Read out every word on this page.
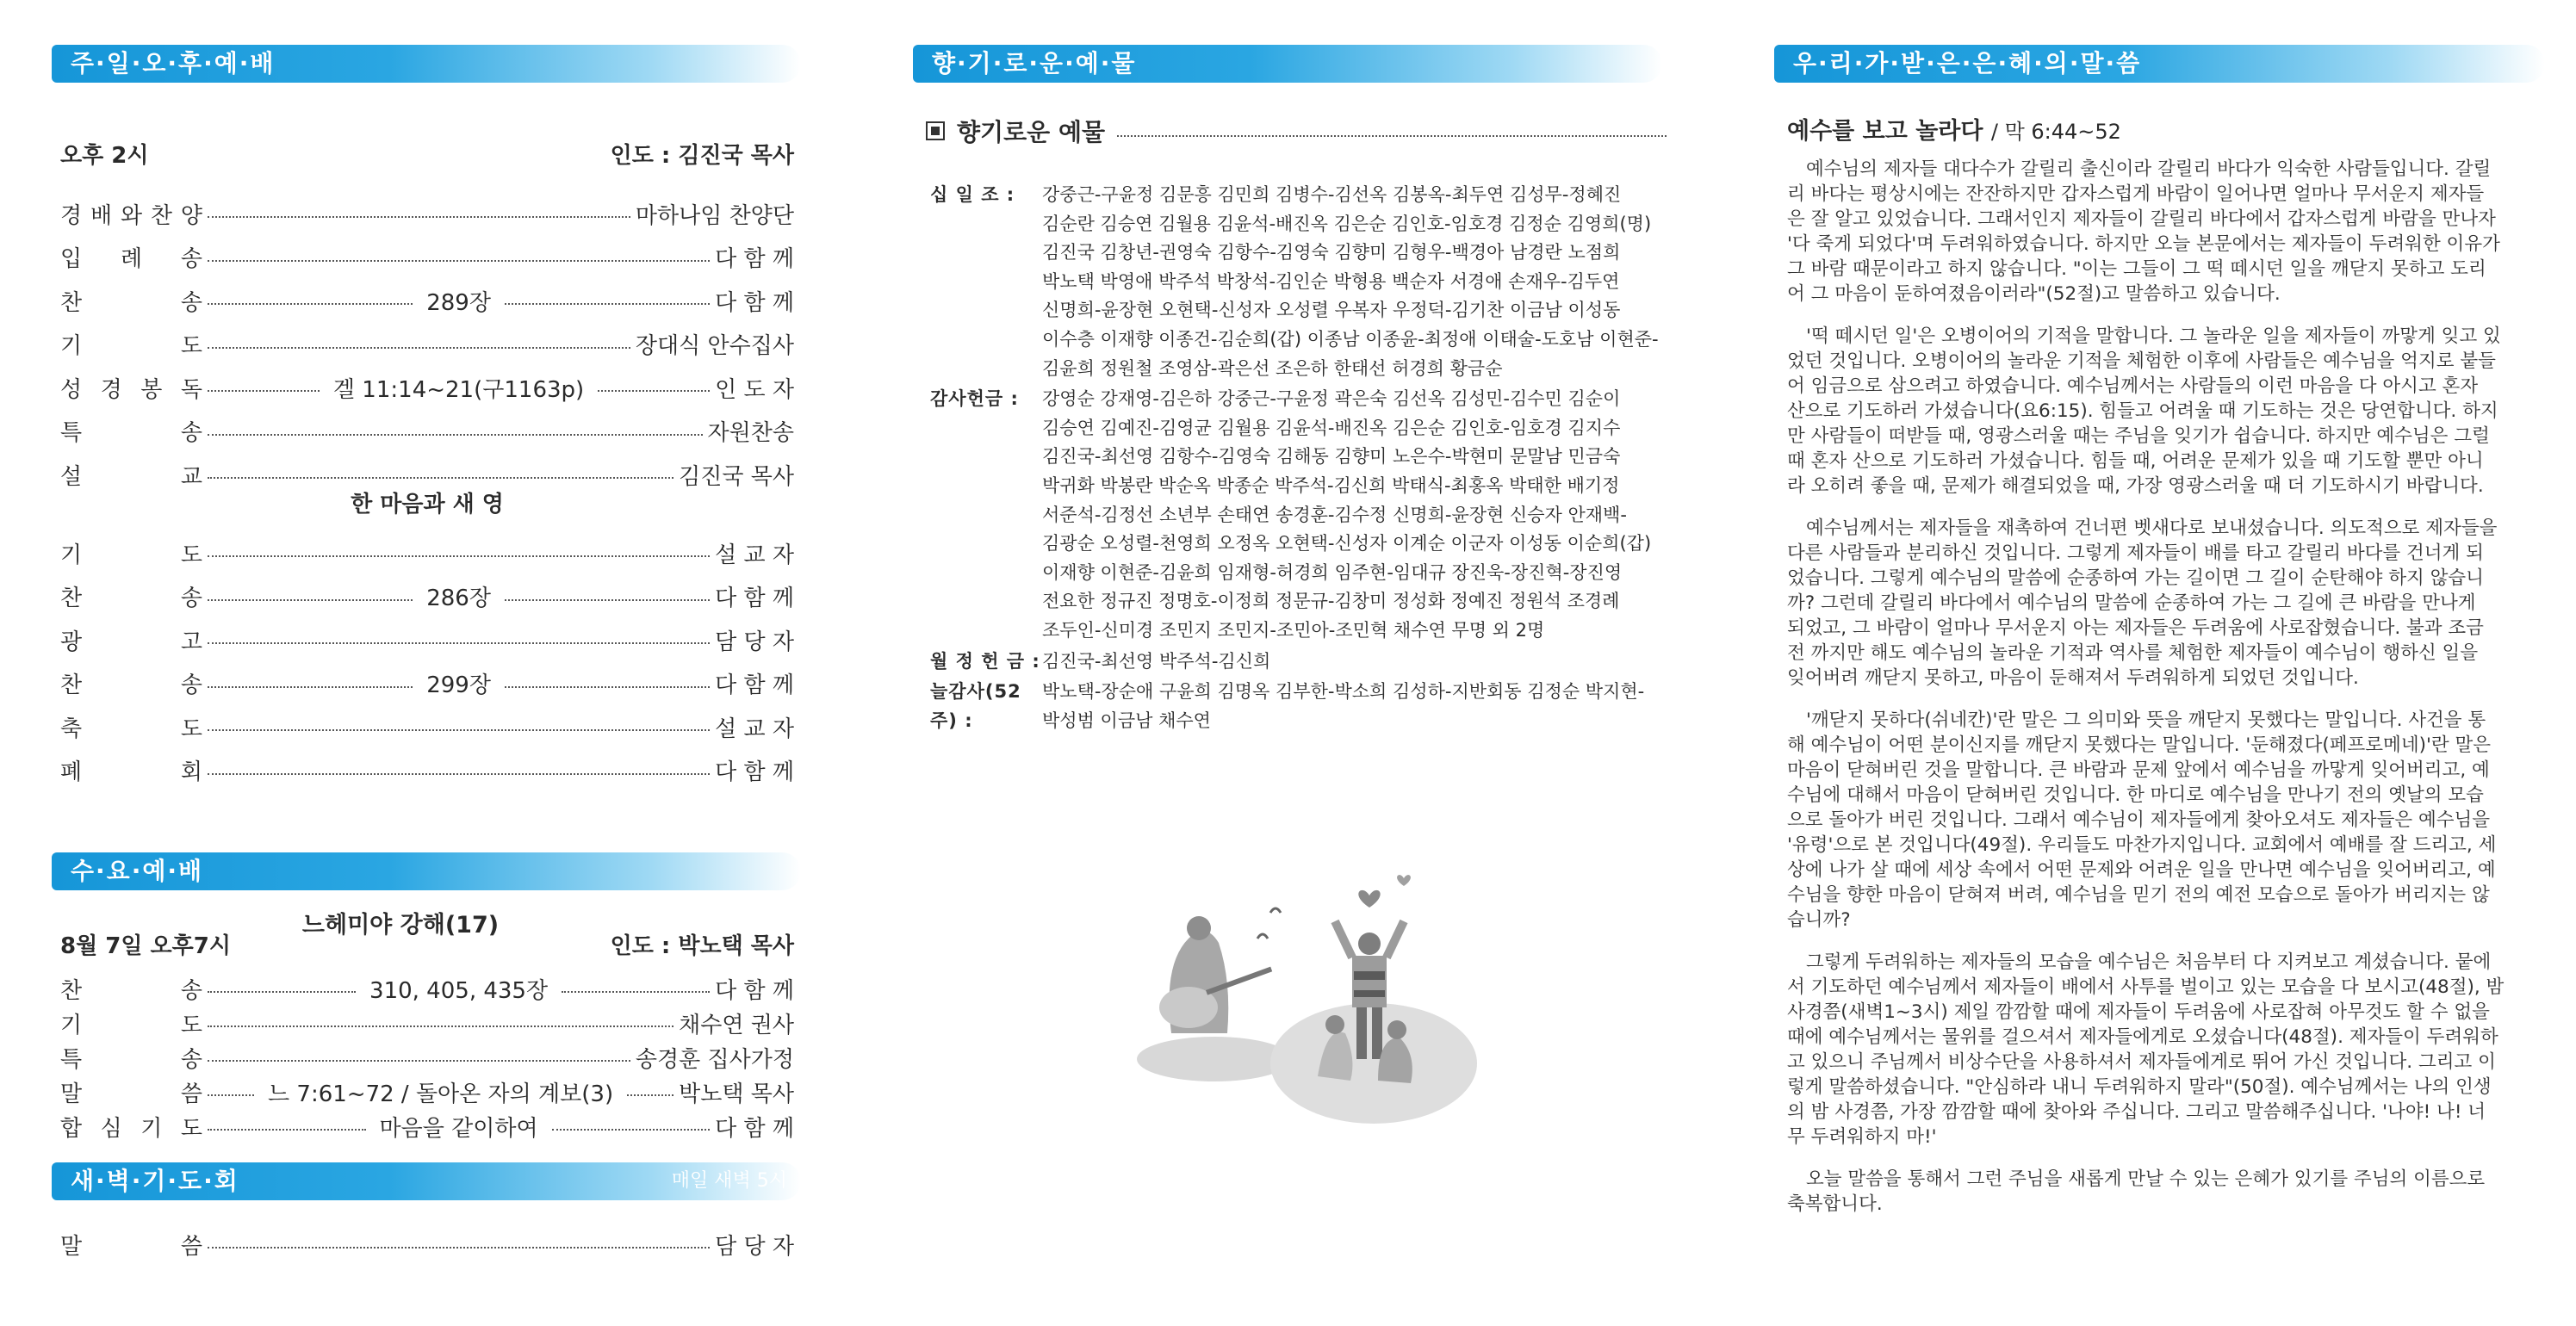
주·일·오·후·예·배
오후 2시	인도 : 김진국 목사
경 배 와 찬 양	마하나임 찬양단
입 례 송	다 함 께
찬	송	289장	다 함 께
기	도	장대식 안수집사
성 경 봉 독	겔 11:14~21(구1163p)	인 도 자
특	송	자원찬송
설	교	김진국 목사
한 마음과 새 영
기	도	설 교 자
찬	송	286장	다 함 께
광	고	담 당 자
찬	송	299장	다 함 께
축	도	설 교 자
폐	회	다 함 께
수·요·예·배
느헤미야 강해(17)
8월 7일 오후7시	인도 : 박노택 목사
찬	송	310, 405, 435장	다 함 께
기	도	채수연 권사
특	송	송경훈 집사가정
말	씀	느 7:61~72 / 돌아온 자의 계보(3)	박노택 목사
합 심 기 도	마음을 같이하여	다 함 께
새·벽·기·도·회	매일 새벽 5시
말	씀	담 당 자
향·기·로·운·예·물
향기로운 예물
십 일 조 :	강중근-구윤정 김문흥 김민희 김병수-김선옥 김봉옥-최두연 김성무-정혜진
김순란 김승연 김월용 김윤석-배진옥 김은순 김인호-임호경 김정순 김영희(명)
김진국 김창년-권영숙 김항수-김영숙 김향미 김형우-백경아 남경란 노점희
박노택 박영애 박주석 박창석-김인순 박형용 백순자 서경애 손재우-김두연
신명희-윤장현 오현택-신성자 오성렬 우복자 우정덕-김기찬 이금남 이성동
이수층 이재향 이종건-김순희(갑) 이종남 이종윤-최정애 이태술-도호남 이현준-
김윤희 정원철 조영삼-곽은선 조은하 한태선 허경희 황금순
감사헌금 :	강영순 강재영-김은하 강중근-구윤정 곽은숙 김선옥 김성민-김수민 김순이
김승연 김예진-김영균 김월용 김윤석-배진옥 김은순 김인호-임호경 김지수
김진국-최선영 김항수-김영숙 김해동 김향미 노은수-박현미 문말남 민금숙
박귀화 박봉란 박순옥 박종순 박주석-김신희 박태식-최홍옥 박태한 배기정
서준석-김정선 소년부 손태연 송경훈-김수정 신명희-윤장현 신승자 안재백-
김광순 오성렬-천영희 오정옥 오현택-신성자 이계순 이군자 이성동 이순희(갑)
이재향 이현준-김윤희 임재형-허경희 임주현-임대규 장진욱-장진혁-장진영
전요한 정규진 정명호-이정희 정문규-김창미 정성화 정예진 정원석 조경례
조두인-신미경 조민지 조민지-조민아-조민혁 채수연 무명 외 2명
월 정 헌 금 : 김진국-최선영 박주석-김신희
늘감사(52주) :
박노택-장순애 구윤희 김명옥 김부한-박소희 김성하-지반회동 김정순 박지현-
박성범 이금남 채수연
우·리·가·받·은·은·혜·의·말·씀
예수를 보고 놀라다 / 막 6:44~52
예수님의 제자들 대다수가 갈릴리 출신이라 갈릴리 바다가 익숙한 사람들입니다. 갈릴
리 바다는 평상시에는 잔잔하지만 갑자스럽게 바람이 일어나면 얼마나 무서운지 제자들
은 잘 알고 있었습니다. 그래서인지 제자들이 갈릴리 바다에서 갑자스럽게 바람을 만나자
'다 죽게 되었다'며 두려워하였습니다. 하지만 오늘 본문에서는 제자들이 두려워한 이유가
그 바람 때문이라고 하지 않습니다. "이는 그들이 그 떡 떼시던 일을 깨닫지 못하고 도리
어 그 마음이 둔하여졌음이러라"(52절)고 말씀하고 있습니다.
'떡 떼시던 일'은 오병이어의 기적을 말합니다. 그 놀라운 일을 제자들이 까맣게 잊고 있
었던 것입니다. 오병이어의 놀라운 기적을 체험한 이후에 사람들은 예수님을 억지로 붙들
어 임금으로 삼으려고 하였습니다. 예수님께서는 사람들의 이런 마음을 다 아시고 혼자
산으로 기도하러 가셨습니다(요6:15). 힘들고 어려울 때 기도하는 것은 당연합니다. 하지
만 사람들이 떠받들 때, 영광스러울 때는 주님을 잊기가 쉽습니다. 하지만 예수님은 그럴
때 혼자 산으로 기도하러 가셨습니다. 힘들 때, 어려운 문제가 있을 때 기도할 뿐만 아니
라 오히려 좋을 때, 문제가 해결되었을 때, 가장 영광스러울 때 더 기도하시기 바랍니다.
예수님께서는 제자들을 재촉하여 건너편 벳새다로 보내셨습니다. 의도적으로 제자들을
다른 사람들과 분리하신 것입니다. 그렇게 제자들이 배를 타고 갈릴리 바다를 건너게 되
었습니다. 그렇게 예수님의 말씀에 순종하여 가는 길이면 그 길이 순탄해야 하지 않습니
까? 그런데 갈릴리 바다에서 예수님의 말씀에 순종하여 가는 그 길에 큰 바람을 만나게
되었고, 그 바람이 얼마나 무서운지 아는 제자들은 두려움에 사로잡혔습니다. 불과 조금
전 까지만 해도 예수님의 놀라운 기적과 역사를 체험한 제자들이 예수님이 행하신 일을
잊어버려 깨닫지 못하고, 마음이 둔해져서 두려워하게 되었던 것입니다.
'깨닫지 못하다(쉬네칸)'란 말은 그 의미와 뜻을 깨닫지 못했다는 말입니다. 사건을 통
해 예수님이 어떤 분이신지를 깨닫지 못했다는 말입니다. '둔해졌다(페프로메네)'란 말은
마음이 닫혀버린 것을 말합니다. 큰 바람과 문제 앞에서 예수님을 까맣게 잊어버리고, 예
수님에 대해서 마음이 닫혀버린 것입니다. 한 마디로 예수님을 만나기 전의 옛날의 모습
으로 돌아가 버린 것입니다. 그래서 예수님이 제자들에게 찾아오셔도 제자들은 예수님을
'유령'으로 본 것입니다(49절). 우리들도 마찬가지입니다. 교회에서 예배를 잘 드리고, 세
상에 나가 살 때에 세상 속에서 어떤 문제와 어려운 일을 만나면 예수님을 잊어버리고, 예
수님을 향한 마음이 닫혀져 버려, 예수님을 믿기 전의 예전 모습으로 돌아가 버리지는 않
습니까?
그렇게 두려워하는 제자들의 모습을 예수님은 처음부터 다 지켜보고 계셨습니다. 뭍에
서 기도하던 예수님께서 제자들이 배에서 사투를 벌이고 있는 모습을 다 보시고(48절), 밤
사경쯤(새벽1~3시) 제일 깜깜할 때에 제자들이 두려움에 사로잡혀 아무것도 할 수 없을
때에 예수님께서는 물위를 걸으셔서 제자들에게로 오셨습니다(48절). 제자들이 두려워하
고 있으니 주님께서 비상수단을 사용하셔서 제자들에게로 뛰어 가신 것입니다. 그리고 이
렇게 말씀하셨습니다. "안심하라 내니 두려워하지 말라"(50절). 예수님께서는 나의 인생
의 밤 사경쯤, 가장 깜깜할 때에 찾아와 주십니다. 그리고 말씀해주십니다. '나야! 나! 너
무 두려워하지 마!'
오늘 말씀을 통해서 그런 주님을 새롭게 만날 수 있는 은혜가 있기를 주님의 이름으로
축복합니다.
